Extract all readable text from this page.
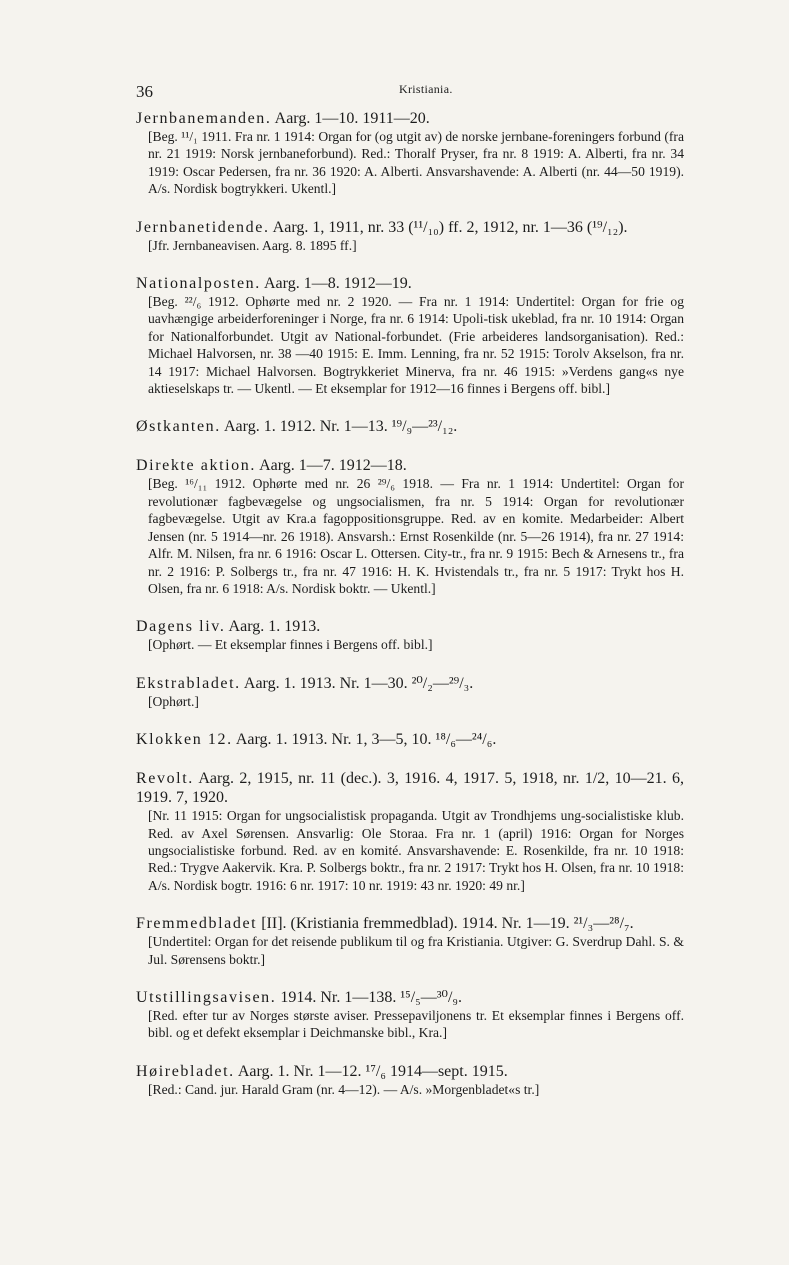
36	Kristiania.
Jernbanemanden. Aarg. 1—10. 1911—20.
[Beg. ¹¹/₁ 1911. Fra nr. 1 1914: Organ for (og utgit av) de norske jernbane-foreningers forbund (fra nr. 21 1919: Norsk jernbaneforbund). Red.: Thoralf Pryser, fra nr. 8 1919: A. Alberti, fra nr. 34 1919: Oscar Pedersen, fra nr. 36 1920: A. Alberti. Ansvarshavende: A. Alberti (nr. 44—50 1919). A/s. Nordisk bogtrykkeri. Ukentl.]
Jernbanetidende. Aarg. 1, 1911, nr. 33 (¹¹/₁₀) ff. 2, 1912, nr. 1—36 (¹⁹/₁₂).
[Jfr. Jernbaneavisen. Aarg. 8. 1895 ff.]
Nationalposten. Aarg. 1—8. 1912—19.
[Beg. ²²/₆ 1912. Ophørte med nr. 2 1920. — Fra nr. 1 1914: Undertitel: Organ for frie og uavhængige arbeiderforeninger i Norge, fra nr. 6 1914: Upoli-tisk ukeblad, fra nr. 10 1914: Organ for Nationalforbundet. Utgit av National-forbundet. (Frie arbeideres landsorganisation). Red.: Michael Halvorsen, nr. 38 —40 1915: E. Imm. Lenning, fra nr. 52 1915: Torolv Akselson, fra nr. 14 1917: Michael Halvorsen. Bogtrykkeriet Minerva, fra nr. 46 1915: »Verdens gang«s nye aktieselskaps tr. — Ukentl. — Et eksemplar for 1912—16 finnes i Bergens off. bibl.]
Østkanten. Aarg. 1. 1912. Nr. 1—13. ¹⁹/₉—²³/₁₂.
Direkte aktion. Aarg. 1—7. 1912—18.
[Beg. ¹⁶/₁₁ 1912. Ophørte med nr. 26 ²⁹/₆ 1918. — Fra nr. 1 1914: Undertitel: Organ for revolutionær fagbevægelse og ungsocialismen, fra nr. 5 1914: Organ for revolutionær fagbevægelse. Utgit av Kra.a fagoppositionsgruppe. Red. av en komite. Medarbeider: Albert Jensen (nr. 5 1914—nr. 26 1918). Ansvarsh.: Ernst Rosenkilde (nr. 5—26 1914), fra nr. 27 1914: Alfr. M. Nilsen, fra nr. 6 1916: Oscar L. Ottersen. City-tr., fra nr. 9 1915: Bech & Arnesens tr., fra nr. 2 1916: P. Solbergs tr., fra nr. 47 1916: H. K. Hvistendals tr., fra nr. 5 1917: Trykt hos H. Olsen, fra nr. 6 1918: A/s. Nordisk boktr. — Ukentl.]
Dagens liv. Aarg. 1. 1913.
[Ophørt. — Et eksemplar finnes i Bergens off. bibl.]
Ekstrabladet. Aarg. 1. 1913. Nr. 1—30. ²⁰/₂—²⁹/₃.
[Ophørt.]
Klokken 12. Aarg. 1. 1913. Nr. 1, 3—5, 10. ¹⁸/₆—²⁴/₆.
Revolt. Aarg. 2, 1915, nr. 11 (dec.). 3, 1916. 4, 1917. 5, 1918, nr. 1/2, 10—21. 6, 1919. 7, 1920.
[Nr. 11 1915: Organ for ungsocialistisk propaganda. Utgit av Trondhjems ung-socialistiske klub. Red. av Axel Sørensen. Ansvarlig: Ole Storaa. Fra nr. 1 (april) 1916: Organ for Norges ungsocialistiske forbund. Red. av en komité. Ansvarshavende: E. Rosenkilde, fra nr. 10 1918: Red.: Trygve Aakervik. Kra. P. Solbergs boktr., fra nr. 2 1917: Trykt hos H. Olsen, fra nr. 10 1918: A/s. Nordisk bogtr. 1916: 6 nr. 1917: 10 nr. 1919: 43 nr. 1920: 49 nr.]
Fremmedbladet [II]. (Kristiania fremmedblad). 1914. Nr. 1—19. ²¹/₃—²⁸/₇.
[Undertitel: Organ for det reisende publikum til og fra Kristiania. Utgiver: G. Sverdrup Dahl. S. & Jul. Sørensens boktr.]
Utstillingsavisen. 1914. Nr. 1—138. ¹⁵/₅—³⁰/₉.
[Red. efter tur av Norges største aviser. Pressepaviljonens tr. Et eksemplar finnes i Bergens off. bibl. og et defekt eksemplar i Deichmanske bibl., Kra.]
Høirebladet. Aarg. 1. Nr. 1—12. ¹⁷/₆ 1914—sept. 1915.
[Red.: Cand. jur. Harald Gram (nr. 4—12). — A/s. »Morgenbladet«s tr.]
